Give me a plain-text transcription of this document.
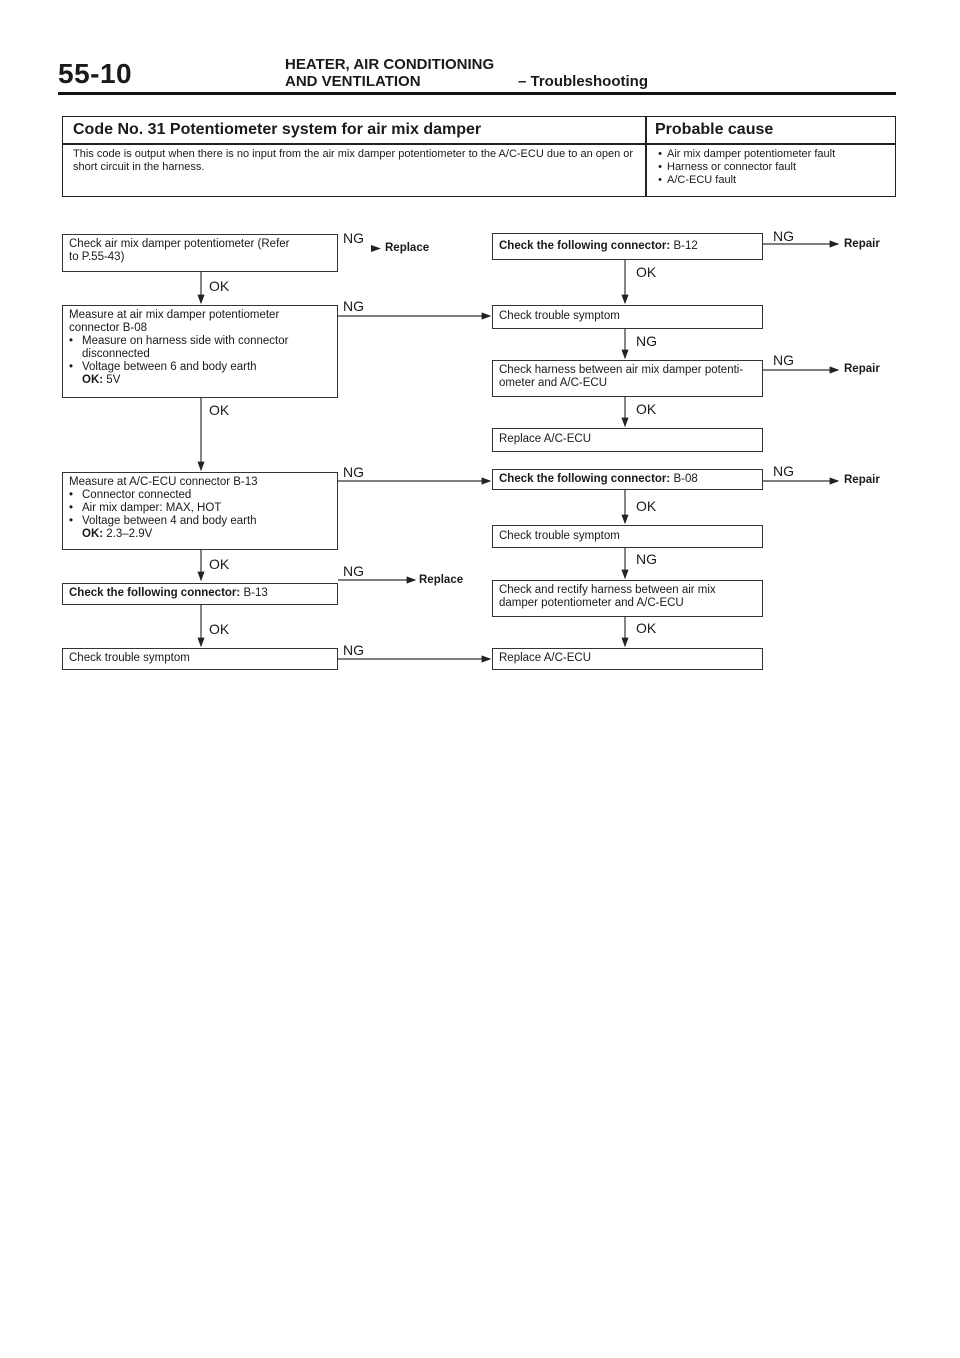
55-10	HEATER, AIR CONDITIONING
AND VENTILATION	– Troubleshooting
Code No. 31 Potentiometer system for air mix damper	Probable cause
This code is output when there is no input from the air mix damper potentiometer to the A/C-ECU due to an open or short circuit in the harness.
• Air mix damper potentiometer fault
• Harness or connector fault
• A/C-ECU fault
Check air mix damper potentiometer (Refer
to P.55-43)
Measure at air mix damper potentiometer
connector B-08
• Measure on harness side with connector
disconnected
• Voltage between 6 and body earth
OK: 5V
Measure at A/C-ECU connector B-13
• Connector connected
• Air mix damper: MAX, HOT
• Voltage between 4 and body earth
OK: 2.3–2.9V
Check the following connector: B-13
Check trouble symptom
Check the following connector: B-12
Check trouble symptom
Check harness between air mix damper potenti-
ometer and A/C-ECU
Replace A/C-ECU
Check the following connector: B-08
Check trouble symptom
Check and rectify harness between air mix
damper potentiometer and A/C-ECU
Replace A/C-ECU
OK
OK
OK
OK
OK
NG
OK
OK
NG
OK
NG
NG
NG
NG
NG
NG
NG
NG
Replace
Replace
Repair
Repair
Repair
